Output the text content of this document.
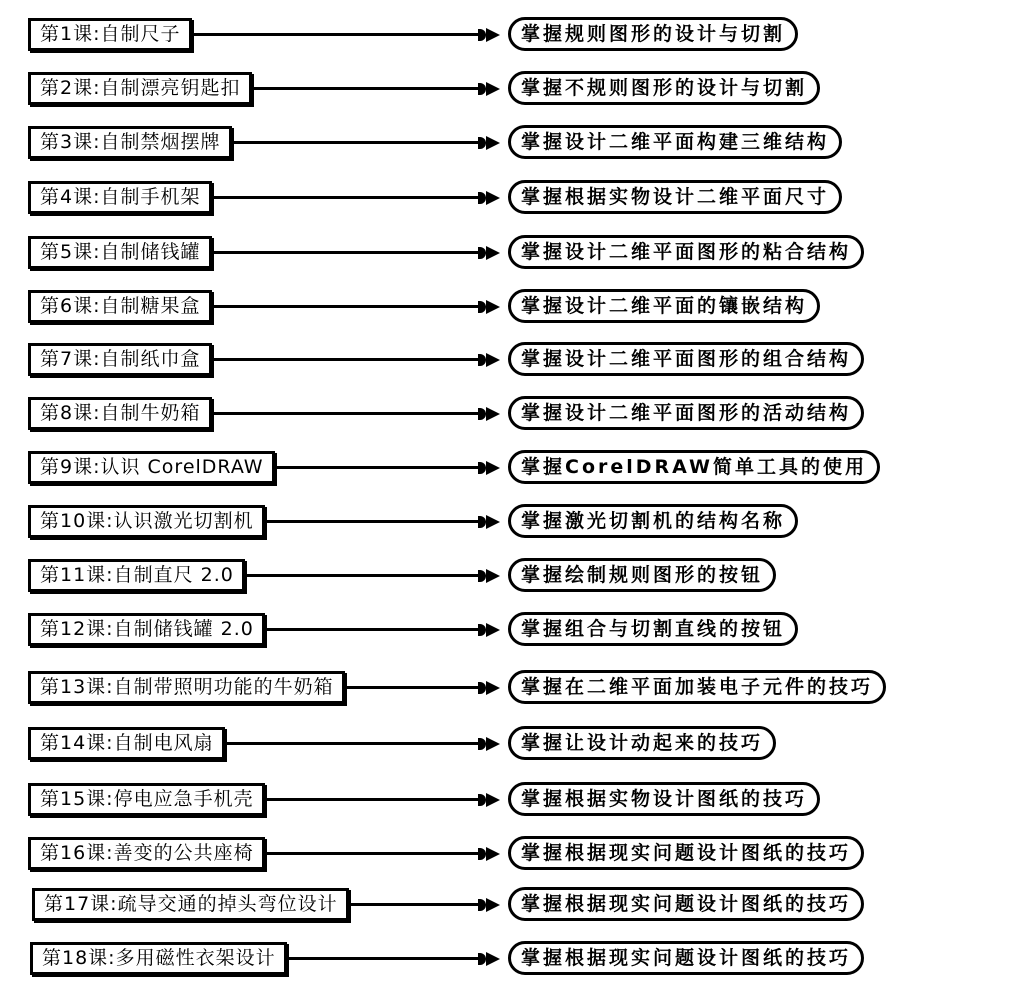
第1课:自制尺子	掌握规则图形的设计与切割
第2课:自制漂亮钥匙扣	掌握不规则图形的设计与切割
第3课:自制禁烟摆牌	掌握设计二维平面构建三维结构
第4课:自制手机架	掌握根据实物设计二维平面尺寸
第5课:自制储钱罐	掌握设计二维平面图形的粘合结构
第6课:自制糖果盒	掌握设计二维平面的镶嵌结构
第7课:自制纸巾盒	掌握设计二维平面图形的组合结构
第8课:自制牛奶箱	掌握设计二维平面图形的活动结构
第9课:认识 CorelDRAW	掌握CorelDRAW简单工具的使用
第10课:认识激光切割机	掌握激光切割机的结构名称
第11课:自制直尺 2.0	掌握绘制规则图形的按钮
第12课:自制储钱罐 2.0	掌握组合与切割直线的按钮
第13课:自制带照明功能的牛奶箱	掌握在二维平面加装电子元件的技巧
第14课:自制电风扇	掌握让设计动起来的技巧
第15课:停电应急手机壳	掌握根据实物设计图纸的技巧
第16课:善变的公共座椅	掌握根据现实问题设计图纸的技巧
第17课:疏导交通的掉头弯位设计	掌握根据现实问题设计图纸的技巧
第18课:多用磁性衣架设计	掌握根据现实问题设计图纸的技巧
